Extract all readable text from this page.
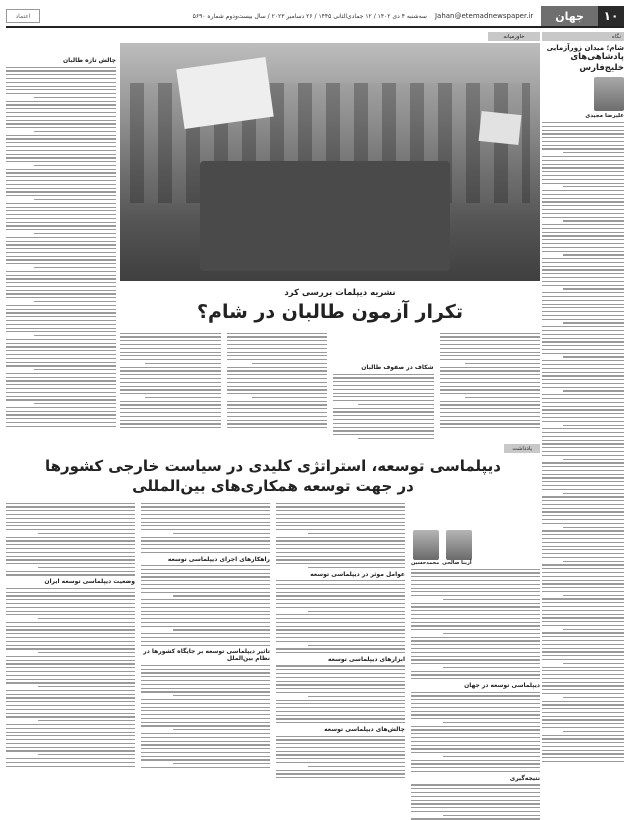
۱۰
جهان
Jahan@etemadnewspaper.ir
سه‌شنبه ۴ دی ۱۴۰۲ / ۱۲ جمادی‌الثانی ۱۴۴۵ / ۲۶ دسامبر ۲۰۲۳ / سال بیست‌ودوم شماره ۵۶۹۰
اعتماد
نگاه
شام؛ میدان زورآزمایی
پادشاهی‌های خلیج‌فارس
علیرضا مجیدی
خاورمیانه
چالش تازه طالبان
نشریه دیپلمات بررسی کرد
تکرار آزمون طالبان در شام؟
شکاف در صفوف طالبان
یادداشت
دیپلماسی توسعه، استراتژی کلیدی در سیاست خارجی کشورها
در جهت توسعه همکاری‌های بین‌المللی
آرینا صالحی
محمدحسین
دیپلماسی توسعه در جهان
نتیجه‌گیری
عوامل موثر در دیپلماسی توسعه
ابزارهای دیپلماسی توسعه
چالش‌های دیپلماسی توسعه
راهکارهای اجرای دیپلماسی توسعه
تاثیر دیپلماسی توسعه بر جایگاه کشورها در نظام بین‌الملل
وضعیت دیپلماسی توسعه ایران
